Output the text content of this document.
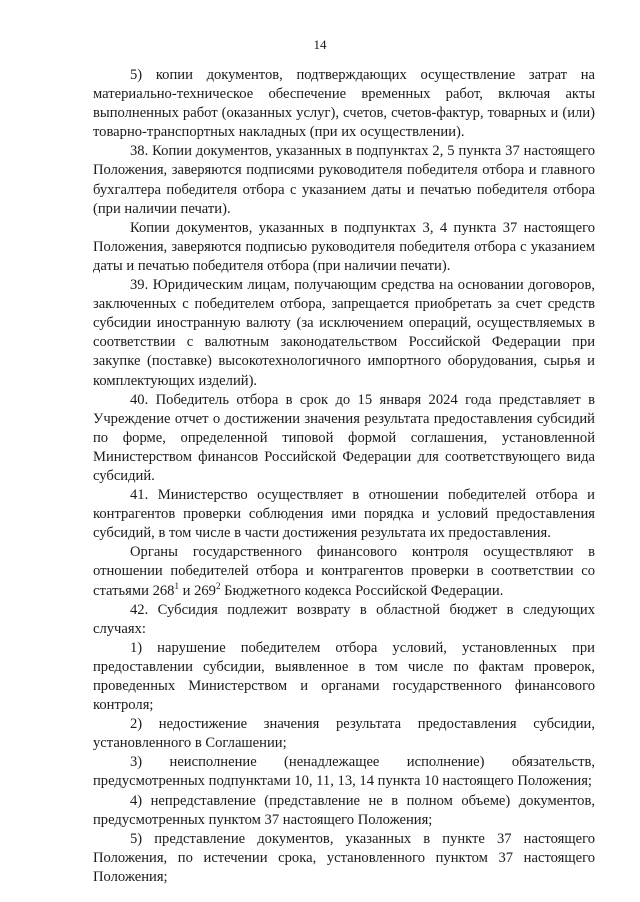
14

5) копии документов, подтверждающих осуществление затрат на материально-техническое обеспечение временных работ, включая акты выполненных работ (оказанных услуг), счетов, счетов-фактур, товарных и (или) товарно-транспортных накладных (при их осуществлении).

38. Копии документов, указанных в подпунктах 2, 5 пункта 37 настоящего Положения, заверяются подписями руководителя победителя отбора и главного бухгалтера победителя отбора с указанием даты и печатью победителя отбора (при наличии печати).

Копии документов, указанных в подпунктах 3, 4 пункта 37 настоящего Положения, заверяются подписью руководителя победителя отбора с указанием даты и печатью победителя отбора (при наличии печати).

39. Юридическим лицам, получающим средства на основании договоров, заключенных с победителем отбора, запрещается приобретать за счет средств субсидии иностранную валюту (за исключением операций, осуществляемых в соответствии с валютным законодательством Российской Федерации при закупке (поставке) высокотехнологичного импортного оборудования, сырья и комплектующих изделий).

40. Победитель отбора в срок до 15 января 2024 года представляет в Учреждение отчет о достижении значения результата предоставления субсидий по форме, определенной типовой формой соглашения, установленной Министерством финансов Российской Федерации для соответствующего вида субсидий.

41. Министерство осуществляет в отношении победителей отбора и контрагентов проверки соблюдения ими порядка и условий предоставления субсидий, в том числе в части достижения результата их предоставления.

Органы государственного финансового контроля осуществляют в отношении победителей отбора и контрагентов проверки в соответствии со статьями $268^1$ и $269^2$ Бюджетного кодекса Российской Федерации.

42. Субсидия подлежит возврату в областной бюджет в следующих случаях:

1) нарушение победителем отбора условий, установленных при предоставлении субсидии, выявленное в том числе по фактам проверок, проведенных Министерством и органами государственного финансового контроля;

2) недостижение значения результата предоставления субсидии, установленного в Соглашении;

3) неисполнение (ненадлежащее исполнение) обязательств, предусмотренных подпунктами 10, 11, 13, 14 пункта 10 настоящего Положения;

4) непредставление (представление не в полном объеме) документов, предусмотренных пунктом 37 настоящего Положения;

5) представление документов, указанных в пункте 37 настоящего Положения, по истечении срока, установленного пунктом 37 настоящего Положения;
